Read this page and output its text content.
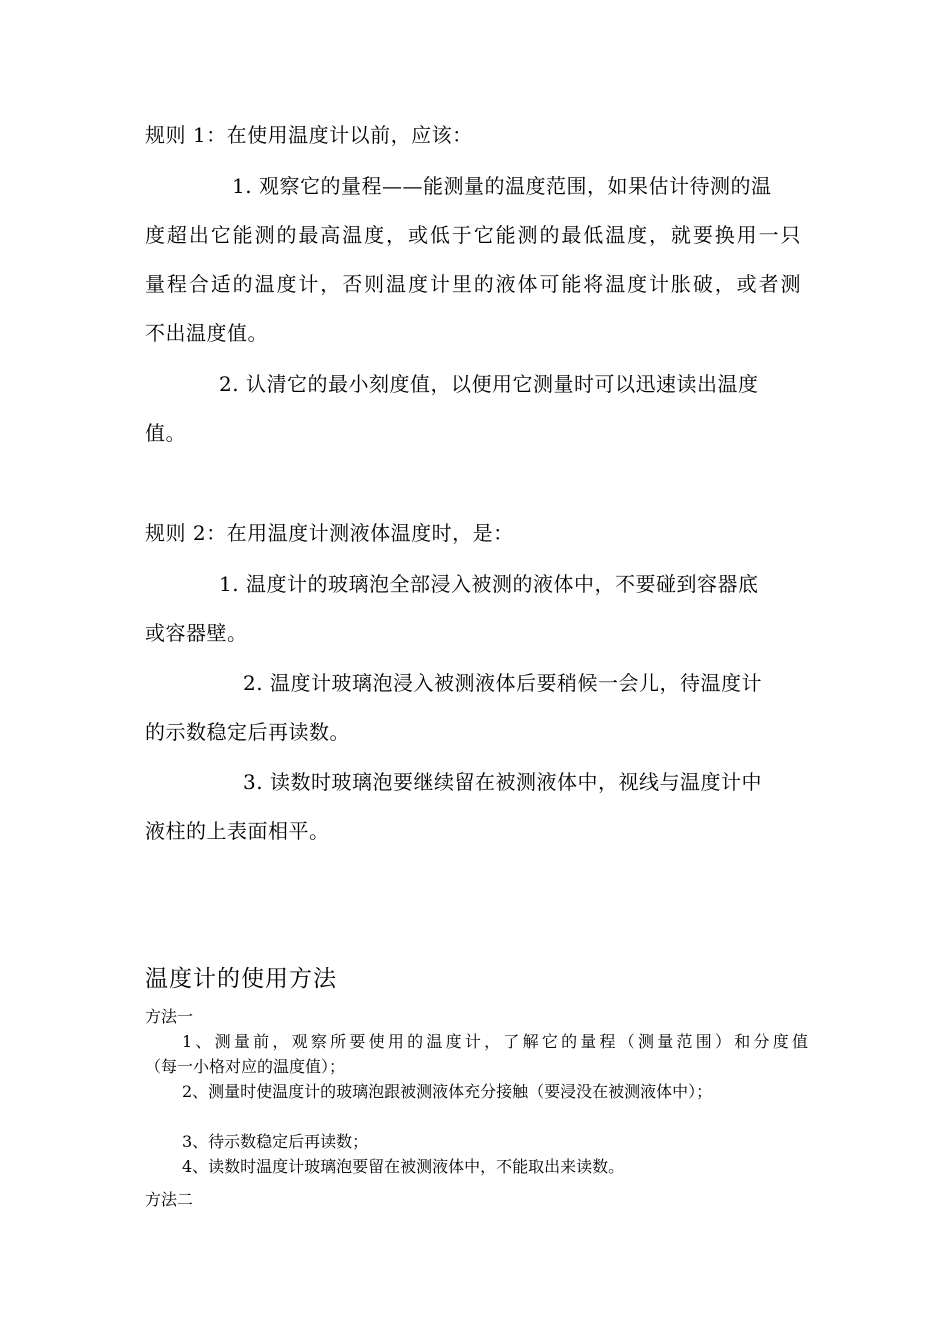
规则 1：在使用温度计以前，应该：
1. 观察它的量程——能测量的温度范围，如果估计待测的温
度超出它能测的最高温度，或低于它能测的最低温度，就要换用一只
量程合适的温度计，否则温度计里的液体可能将温度计胀破，或者测
不出温度值。
2. 认清它的最小刻度值，以便用它测量时可以迅速读出温度
值。
规则 2：在用温度计测液体温度时，是：
1. 温度计的玻璃泡全部浸入被测的液体中，不要碰到容器底
或容器壁。
2. 温度计玻璃泡浸入被测液体后要稍候一会儿，待温度计
的示数稳定后再读数。
3. 读数时玻璃泡要继续留在被测液体中，视线与温度计中
液柱的上表面相平。
温度计的使用方法
方法一
1、测量前，观察所要使用的温度计，了解它的量程（测量范围）和分度值
（每一小格对应的温度值）；
2、测量时使温度计的玻璃泡跟被测液体充分接触（要浸没在被测液体中）；
3、待示数稳定后再读数；
4、读数时温度计玻璃泡要留在被测液体中，不能取出来读数。
方法二
